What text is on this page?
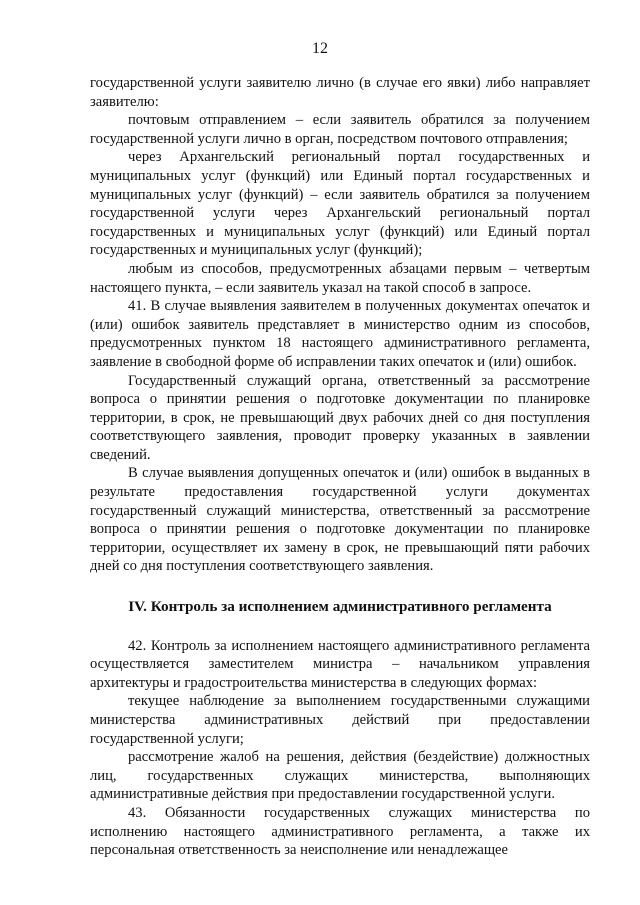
12

государственной услуги заявителю лично (в случае его явки) либо направляет заявителю:

почтовым отправлением – если заявитель обратился за получением государственной услуги лично в орган, посредством почтового отправления;

через Архангельский региональный портал государственных и муниципальных услуг (функций) или Единый портал государственных и муниципальных услуг (функций) – если заявитель обратился за получением государственной услуги через Архангельский региональный портал государственных и муниципальных услуг (функций) или Единый портал государственных и муниципальных услуг (функций);

любым из способов, предусмотренных абзацами первым – четвертым настоящего пункта, – если заявитель указал на такой способ в запросе.

41. В случае выявления заявителем в полученных документах опечаток и (или) ошибок заявитель представляет в министерство одним из способов, предусмотренных пунктом 18 настоящего административного регламента, заявление в свободной форме об исправлении таких опечаток и (или) ошибок.

Государственный служащий органа, ответственный за рассмотрение вопроса о принятии решения о подготовке документации по планировке территории, в срок, не превышающий двух рабочих дней со дня поступления соответствующего заявления, проводит проверку указанных в заявлении сведений.

В случае выявления допущенных опечаток и (или) ошибок в выданных в результате предоставления государственной услуги документах государственный служащий министерства, ответственный за рассмотрение вопроса о принятии решения о подготовке документации по планировке территории, осуществляет их замену в срок, не превышающий пяти рабочих дней со дня поступления соответствующего заявления.

IV. Контроль за исполнением административного регламента

42. Контроль за исполнением настоящего административного регламента осуществляется заместителем министра – начальником управления архитектуры и градостроительства министерства в следующих формах:

текущее наблюдение за выполнением государственными служащими министерства административных действий при предоставлении государственной услуги;

рассмотрение жалоб на решения, действия (бездействие) должностных лиц, государственных служащих министерства, выполняющих административные действия при предоставлении государственной услуги.

43. Обязанности государственных служащих министерства по исполнению настоящего административного регламента, а также их персональная ответственность за неисполнение или ненадлежащее
